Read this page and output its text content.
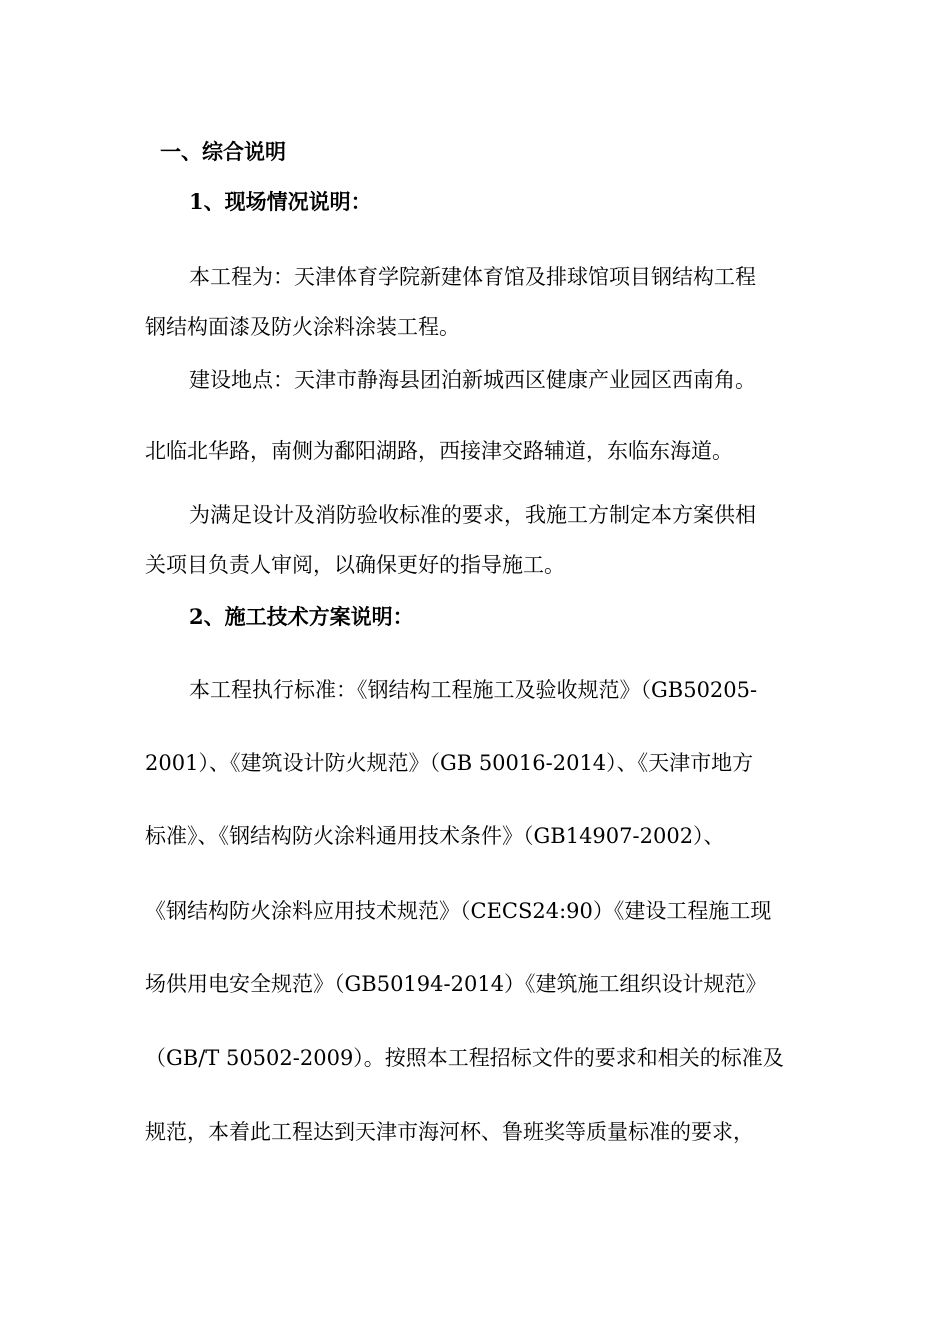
一、综合说明
1、现场情况说明：
本工程为：天津体育学院新建体育馆及排球馆项目钢结构工程
钢结构面漆及防火涂料涂装工程。
建设地点：天津市静海县团泊新城西区健康产业园区西南角。
北临北华路，南侧为鄱阳湖路，西接津交路辅道，东临东海道。
为满足设计及消防验收标准的要求，我施工方制定本方案供相
关项目负责人审阅，以确保更好的指导施工。
2、施工技术方案说明：
本工程执行标准：《钢结构工程施工及验收规范》（GB50205-
2001）、《建筑设计防火规范》（GB 50016-2014）、《天津市地方
标准》、《钢结构防火涂料通用技术条件》（GB14907-2002）、
《钢结构防火涂料应用技术规范》（CECS24:90）《建设工程施工现
场供用电安全规范》（GB50194-2014）《建筑施工组织设计规范》
（GB/T 50502-2009）。按照本工程招标文件的要求和相关的标准及
规范，本着此工程达到天津市海河杯、鲁班奖等质量标准的要求，
